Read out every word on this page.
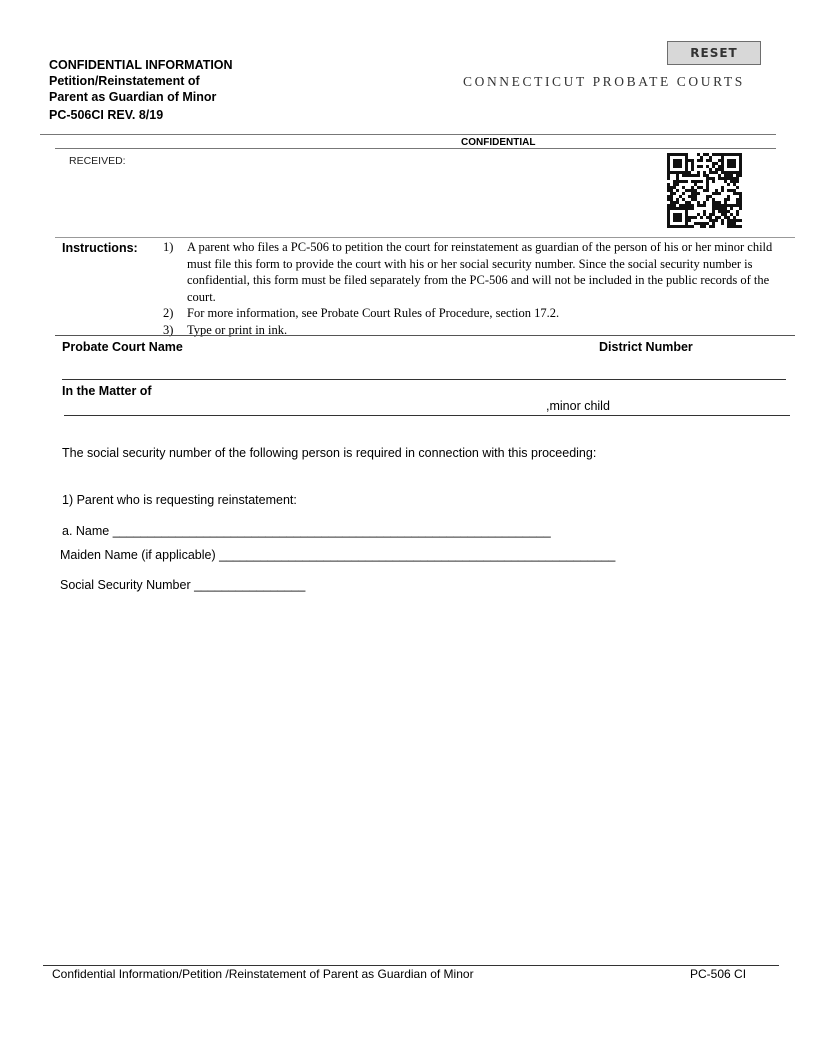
CONFIDENTIAL INFORMATION
Petition/Reinstatement of
Parent as Guardian of Minor
PC-506CI REV. 8/19
RESET
CONNECTICUT PROBATE COURTS
CONFIDENTIAL
RECEIVED:
Instructions: 1)	A parent who files a PC-506 to petition the court for reinstatement as guardian of the person of his or her minor child must file this form to provide the court with his or her social security number. Since the social security number is confidential, this form must be filed separately from the PC-506 and will not be included in the public records of the court.
2)	For more information, see Probate Court Rules of Procedure, section 17.2.
3)	Type or print in ink.
Probate Court Name	District Number
In the Matter of
,minor child
The social security number of the following person is required in connection with this proceeding:
1) Parent who is requesting reinstatement:
a. Name _______________________________________________________________
Maiden Name (if applicable) _________________________________________________________
Social Security Number ________________
Confidential Information/Petition /Reinstatement of Parent as Guardian of Minor	PC-506 CI
